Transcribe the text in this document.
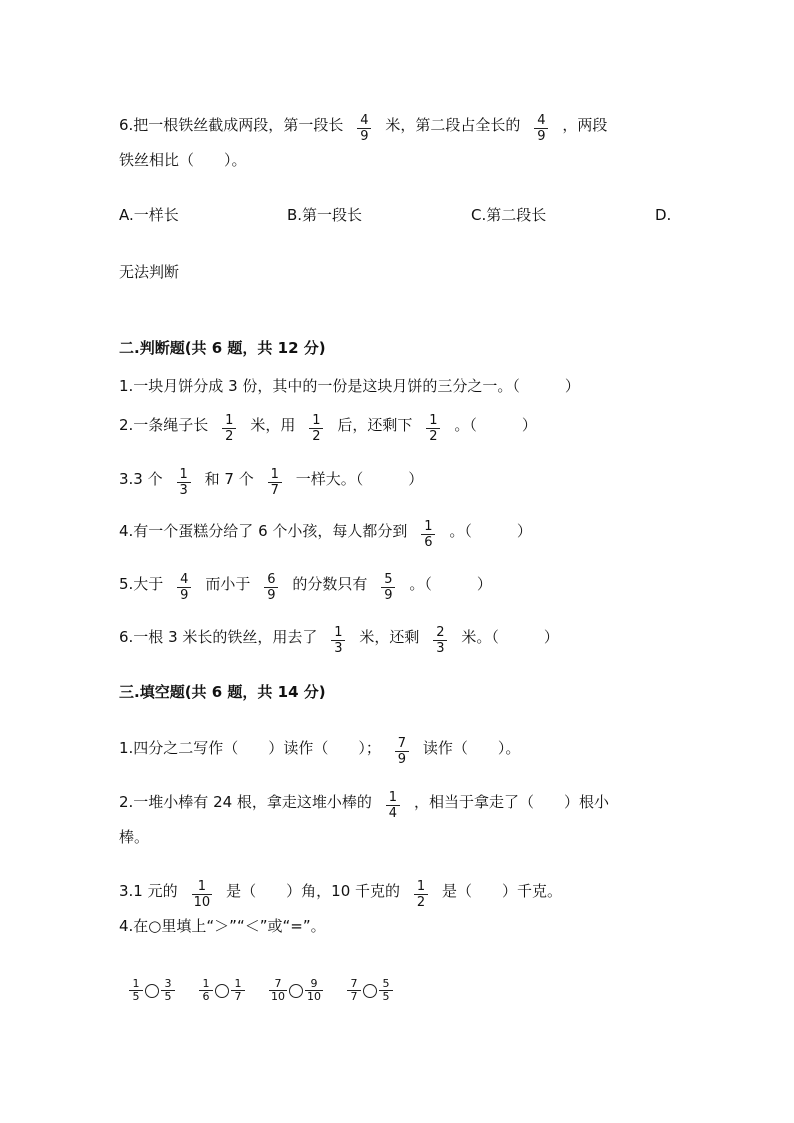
6.把一根铁丝截成两段，第一段长 $\frac{4}{9}$ 米，第二段占全长的 $\frac{4}{9}$ ，两段
铁丝相比（　　）。
A.一样长	B.第一段长	C.第二段长	D.
无法判断
二.判断题(共 6 题，共 12 分)
1.一块月饼分成 3 份，其中的一份是这块月饼的三分之一。（　　　）
2.一条绳子长 $\frac{1}{2}$ 米，用 $\frac{1}{2}$ 后，还剩下 $\frac{1}{2}$ 。（　　　）
3.3 个 $\frac{1}{3}$ 和 7 个 $\frac{1}{7}$ 一样大。（　　　）
4.有一个蛋糕分给了 6 个小孩，每人都分到 $\frac{1}{6}$ 。（　　　）
5.大于 $\frac{4}{9}$ 而小于 $\frac{6}{9}$ 的分数只有 $\frac{5}{9}$ 。（　　　）
6.一根 3 米长的铁丝，用去了 $\frac{1}{3}$ 米，还剩 $\frac{2}{3}$ 米。（　　　）
三.填空题(共 6 题，共 14 分)
1.四分之二写作（　　）读作（　　）； $\frac{7}{9}$ 读作（　　）。
2.一堆小棒有 24 根，拿走这堆小棒的 $\frac{1}{4}$ ，相当于拿走了（　　）根小
棒。
3.1 元的 $\frac{1}{10}$ 是（　　）角，10 千克的 $\frac{1}{2}$ 是（　　）千克。
4.在○里填上“＞”“＜”或“=”。
$\frac{1}{5} \frac{3}{5} \frac{1}{6} \frac{1}{7} \frac{7}{10} \frac{9}{10} \frac{7}{7} \frac{5}{5}$
